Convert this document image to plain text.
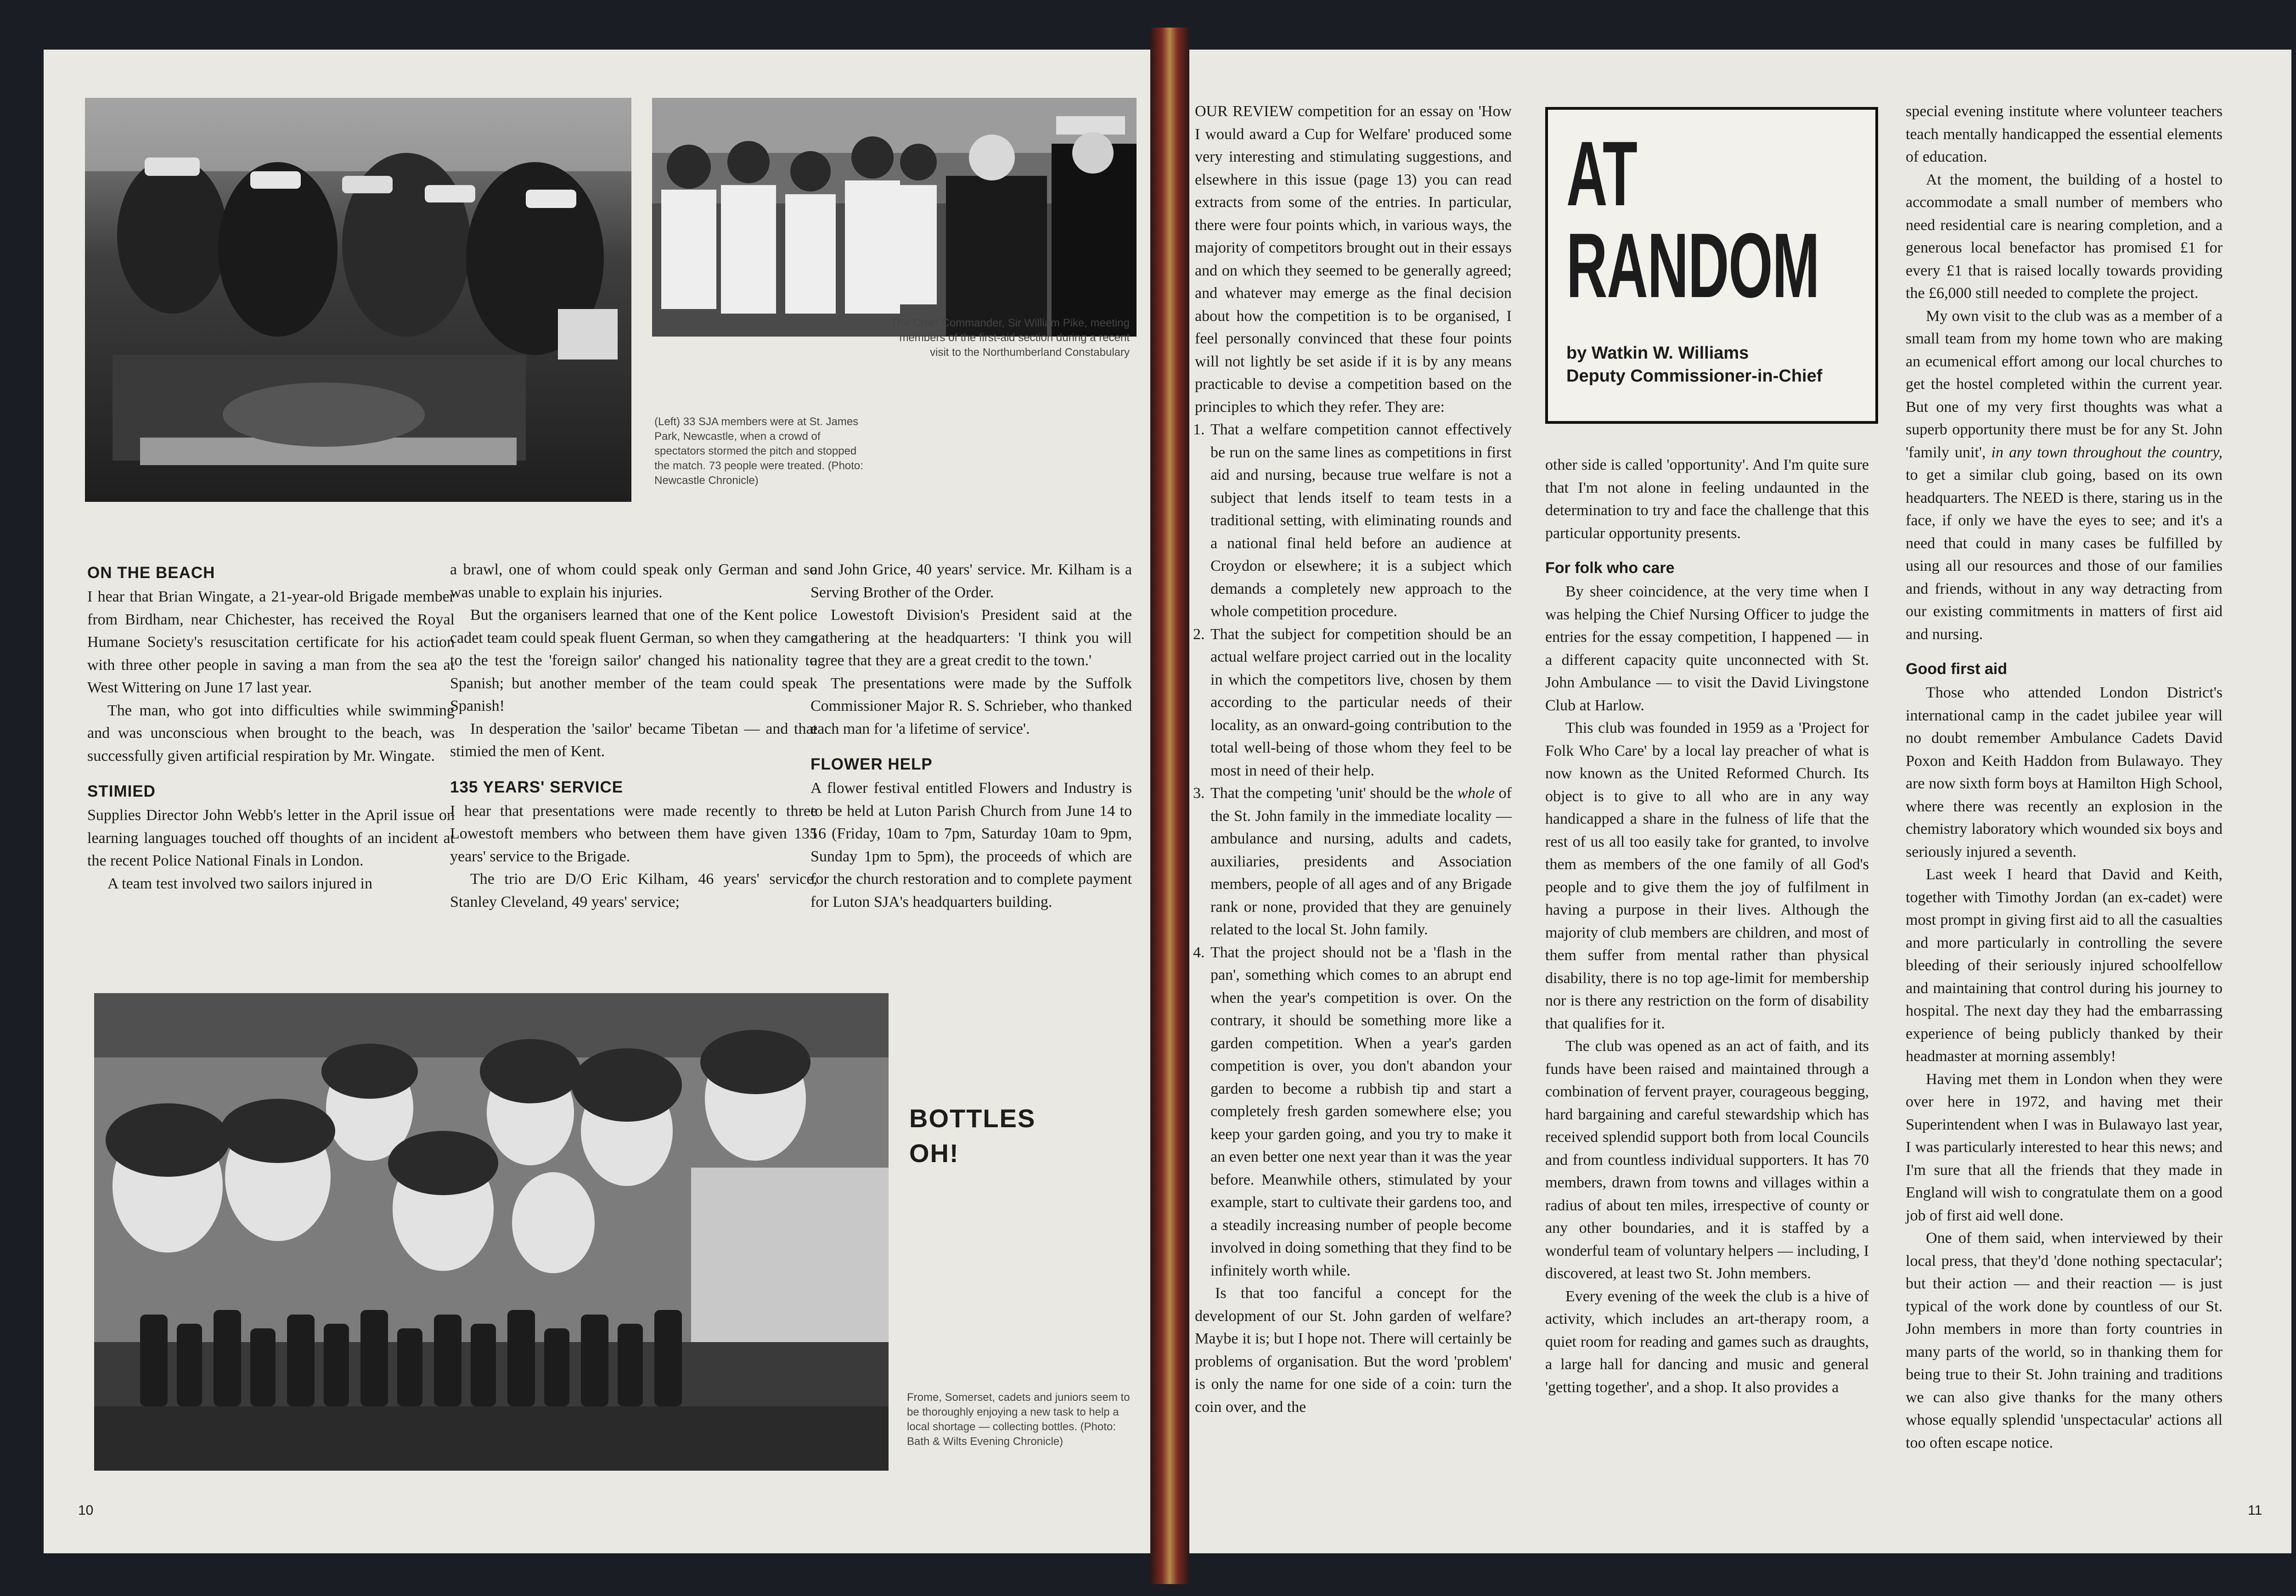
The Chief Commander, Sir William Pike, meeting members of the first-aid section during a recent visit to the Northumberland Constabulary
(Left) 33 SJA members were at St. James Park, Newcastle, when a crowd of spectators stormed the pitch and stopped the match. 73 people were treated. (Photo: Newcastle Chronicle)
ON THE BEACH

I hear that Brian Wingate, a 21-year-old Brigade member from Birdham, near Chichester, has received the Royal Humane Society's resuscitation certificate for his action with three other people in saving a man from the sea at West Wittering on June 17 last year.

The man, who got into difficulties while swimming and was unconscious when brought to the beach, was successfully given artificial respiration by Mr. Wingate.

STIMIED

Supplies Director John Webb's letter in the April issue on learning languages touched off thoughts of an incident at the recent Police National Finals in London.

A team test involved two sailors injured in

a brawl, one of whom could speak only German and so was unable to explain his injuries.

But the organisers learned that one of the Kent police cadet team could speak fluent German, so when they came to the test the 'foreign sailor' changed his nationality to Spanish; but another member of the team could speak Spanish!

In desperation the 'sailor' became Tibetan — and that stimied the men of Kent.

135 YEARS' SERVICE

I hear that presentations were made recently to three Lowestoft members who between them have given 135 years' service to the Brigade.

The trio are D/O Eric Kilham, 46 years' service, Stanley Cleveland, 49 years' service;

and John Grice, 40 years' service. Mr. Kilham is a Serving Brother of the Order.

Lowestoft Division's President said at the gathering at the headquarters: 'I think you will agree that they are a great credit to the town.'

The presentations were made by the Suffolk Commissioner Major R. S. Schrieber, who thanked each man for 'a lifetime of service'.

FLOWER HELP

A flower festival entitled Flowers and Industry is to be held at Luton Parish Church from June 14 to 16 (Friday, 10am to 7pm, Saturday 10am to 9pm, Sunday 1pm to 5pm), the proceeds of which are for the church restoration and to complete payment for Luton SJA's headquarters building.

BOTTLES
OH!
Frome, Somerset, cadets and juniors seem to be thoroughly enjoying a new task to help a local shortage — collecting bottles. (Photo: Bath & Wilts Evening Chronicle)
10

OUR REVIEW competition for an essay on 'How I would award a Cup for Welfare' produced some very interesting and stimulating suggestions, and elsewhere in this issue (page 13) you can read extracts from some of the entries. In particular, there were four points which, in various ways, the majority of competitors brought out in their essays and on which they seemed to be generally agreed; and whatever may emerge as the final decision about how the competition is to be organised, I feel personally convinced that these four points will not lightly be set aside if it is by any means practicable to devise a competition based on the principles to which they refer. They are:

1. That a welfare competition cannot effectively be run on the same lines as competitions in first aid and nursing, because true welfare is not a subject that lends itself to team tests in a traditional setting, with eliminating rounds and a national final held before an audience at Croydon or elsewhere; it is a subject which demands a completely new approach to the whole competition procedure.
2. That the subject for competition should be an actual welfare project carried out in the locality in which the competitors live, chosen by them according to the particular needs of their locality, as an onward-going contribution to the total well-being of those whom they feel to be most in need of their help.
3. That the competing 'unit' should be the whole of the St. John family in the immediate locality — ambulance and nursing, adults and cadets, auxiliaries, presidents and Association members, people of all ages and of any Brigade rank or none, provided that they are genuinely related to the local St. John family.
4. That the project should not be a 'flash in the pan', something which comes to an abrupt end when the year's competition is over. On the contrary, it should be something more like a garden competition. When a year's garden competition is over, you don't abandon your garden to become a rubbish tip and start a completely fresh garden somewhere else; you keep your garden going, and you try to make it an even better one next year than it was the year before. Meanwhile others, stimulated by your example, start to cultivate their gardens too, and a steadily increasing number of people become involved in doing something that they find to be infinitely worth while.

Is that too fanciful a concept for the development of our St. John garden of welfare? Maybe it is; but I hope not. There will certainly be problems of organisation. But the word 'problem' is only the name for one side of a coin: turn the coin over, and the

AT
RANDOM
by Watkin W. Williams
Deputy Commissioner-in-Chief

other side is called 'opportunity'. And I'm quite sure that I'm not alone in feeling undaunted in the determination to try and face the challenge that this particular opportunity presents.

For folk who care

By sheer coincidence, at the very time when I was helping the Chief Nursing Officer to judge the entries for the essay competition, I happened — in a different capacity quite unconnected with St. John Ambulance — to visit the David Livingstone Club at Harlow.

This club was founded in 1959 as a 'Project for Folk Who Care' by a local lay preacher of what is now known as the United Reformed Church. Its object is to give to all who are in any way handicapped a share in the fulness of life that the rest of us all too easily take for granted, to involve them as members of the one family of all God's people and to give them the joy of fulfilment in having a purpose in their lives. Although the majority of club members are children, and most of them suffer from mental rather than physical disability, there is no top age-limit for membership nor is there any restriction on the form of disability that qualifies for it.

The club was opened as an act of faith, and its funds have been raised and maintained through a combination of fervent prayer, courageous begging, hard bargaining and careful stewardship which has received splendid support both from local Councils and from countless individual supporters. It has 70 members, drawn from towns and villages within a radius of about ten miles, irrespective of county or any other boundaries, and it is staffed by a wonderful team of voluntary helpers — including, I discovered, at least two St. John members.

Every evening of the week the club is a hive of activity, which includes an art-therapy room, a quiet room for reading and games such as draughts, a large hall for dancing and music and general 'getting together', and a shop. It also provides a

special evening institute where volunteer teachers teach mentally handicapped the essential elements of education.

At the moment, the building of a hostel to accommodate a small number of members who need residential care is nearing completion, and a generous local benefactor has promised £1 for every £1 that is raised locally towards providing the £6,000 still needed to complete the project.

My own visit to the club was as a member of a small team from my home town who are making an ecumenical effort among our local churches to get the hostel completed within the current year. But one of my very first thoughts was what a superb opportunity there must be for any St. John 'family unit', in any town throughout the country, to get a similar club going, based on its own headquarters. The NEED is there, staring us in the face, if only we have the eyes to see; and it's a need that could in many cases be fulfilled by using all our resources and those of our families and friends, without in any way detracting from our existing commitments in matters of first aid and nursing.

Good first aid

Those who attended London District's international camp in the cadet jubilee year will no doubt remember Ambulance Cadets David Poxon and Keith Haddon from Bulawayo. They are now sixth form boys at Hamilton High School, where there was recently an explosion in the chemistry laboratory which wounded six boys and seriously injured a seventh.

Last week I heard that David and Keith, together with Timothy Jordan (an ex-cadet) were most prompt in giving first aid to all the casualties and more particularly in controlling the severe bleeding of their seriously injured schoolfellow and maintaining that control during his journey to hospital. The next day they had the embarrassing experience of being publicly thanked by their headmaster at morning assembly!

Having met them in London when they were over here in 1972, and having met their Superintendent when I was in Bulawayo last year, I was particularly interested to hear this news; and I'm sure that all the friends that they made in England will wish to congratulate them on a good job of first aid well done.

One of them said, when interviewed by their local press, that they'd 'done nothing spectacular'; but their action — and their reaction — is just typical of the work done by countless of our St. John members in more than forty countries in many parts of the world, so in thanking them for being true to their St. John training and traditions we can also give thanks for the many others whose equally splendid 'unspectacular' actions all too often escape notice.

11
